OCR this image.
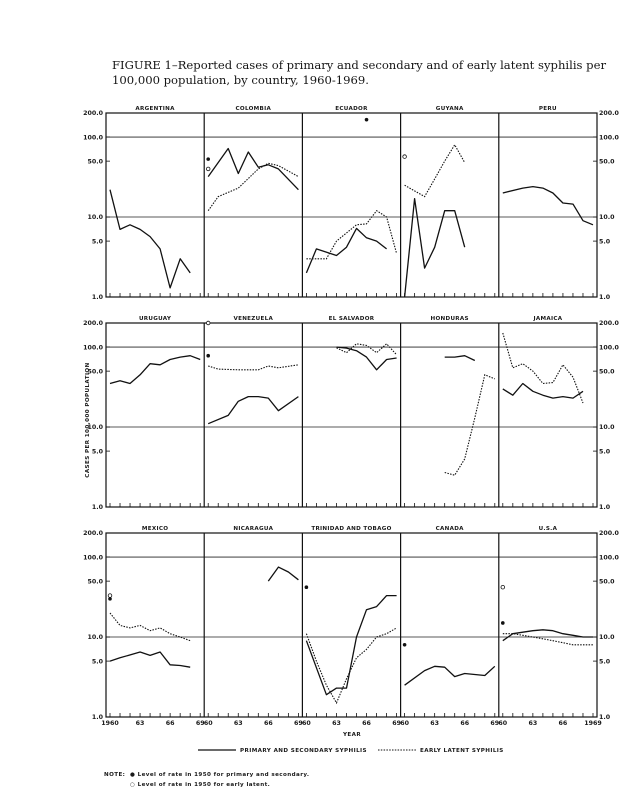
FIGURE 1–Reported cases of primary and secondary and of early latent syphilis per 100,000 population, by country, 1960-1969.

200.0	200.0
100.0	100.0
50.0	50.0
10.0	10.0
5.0	5.0
1.0	1.0
ARGENTINA	COLOMBIA	ECUADOR	GUYANA	PERU
200.0	200.0
100.0	100.0
50.0	50.0
10.0	10.0
5.0	5.0
1.0	1.0
URUGUAY	VENEZUELA	EL SALVADOR	HONDURAS	JAMAICA
200.0	200.0
100.0	100.0
50.0	50.0
10.0	10.0
5.0	5.0
1.0	1.0
MEXICO
1960	63	66	69
NICARAGUA
60	63	66	69
TRINIDAD AND TOBAGO
60	63	66	69
CANADA
60	63	66	69
U.S.A
60	63	66	1969
CASES PER 100,000 POPULATION
YEAR
PRIMARY AND SECONDARY SYPHILIS	EARLY LATENT SYPHILIS
NOTE: ● Level of rate in 1950 for primary and secondary.
○ Level of rate in 1950 for early latent.
